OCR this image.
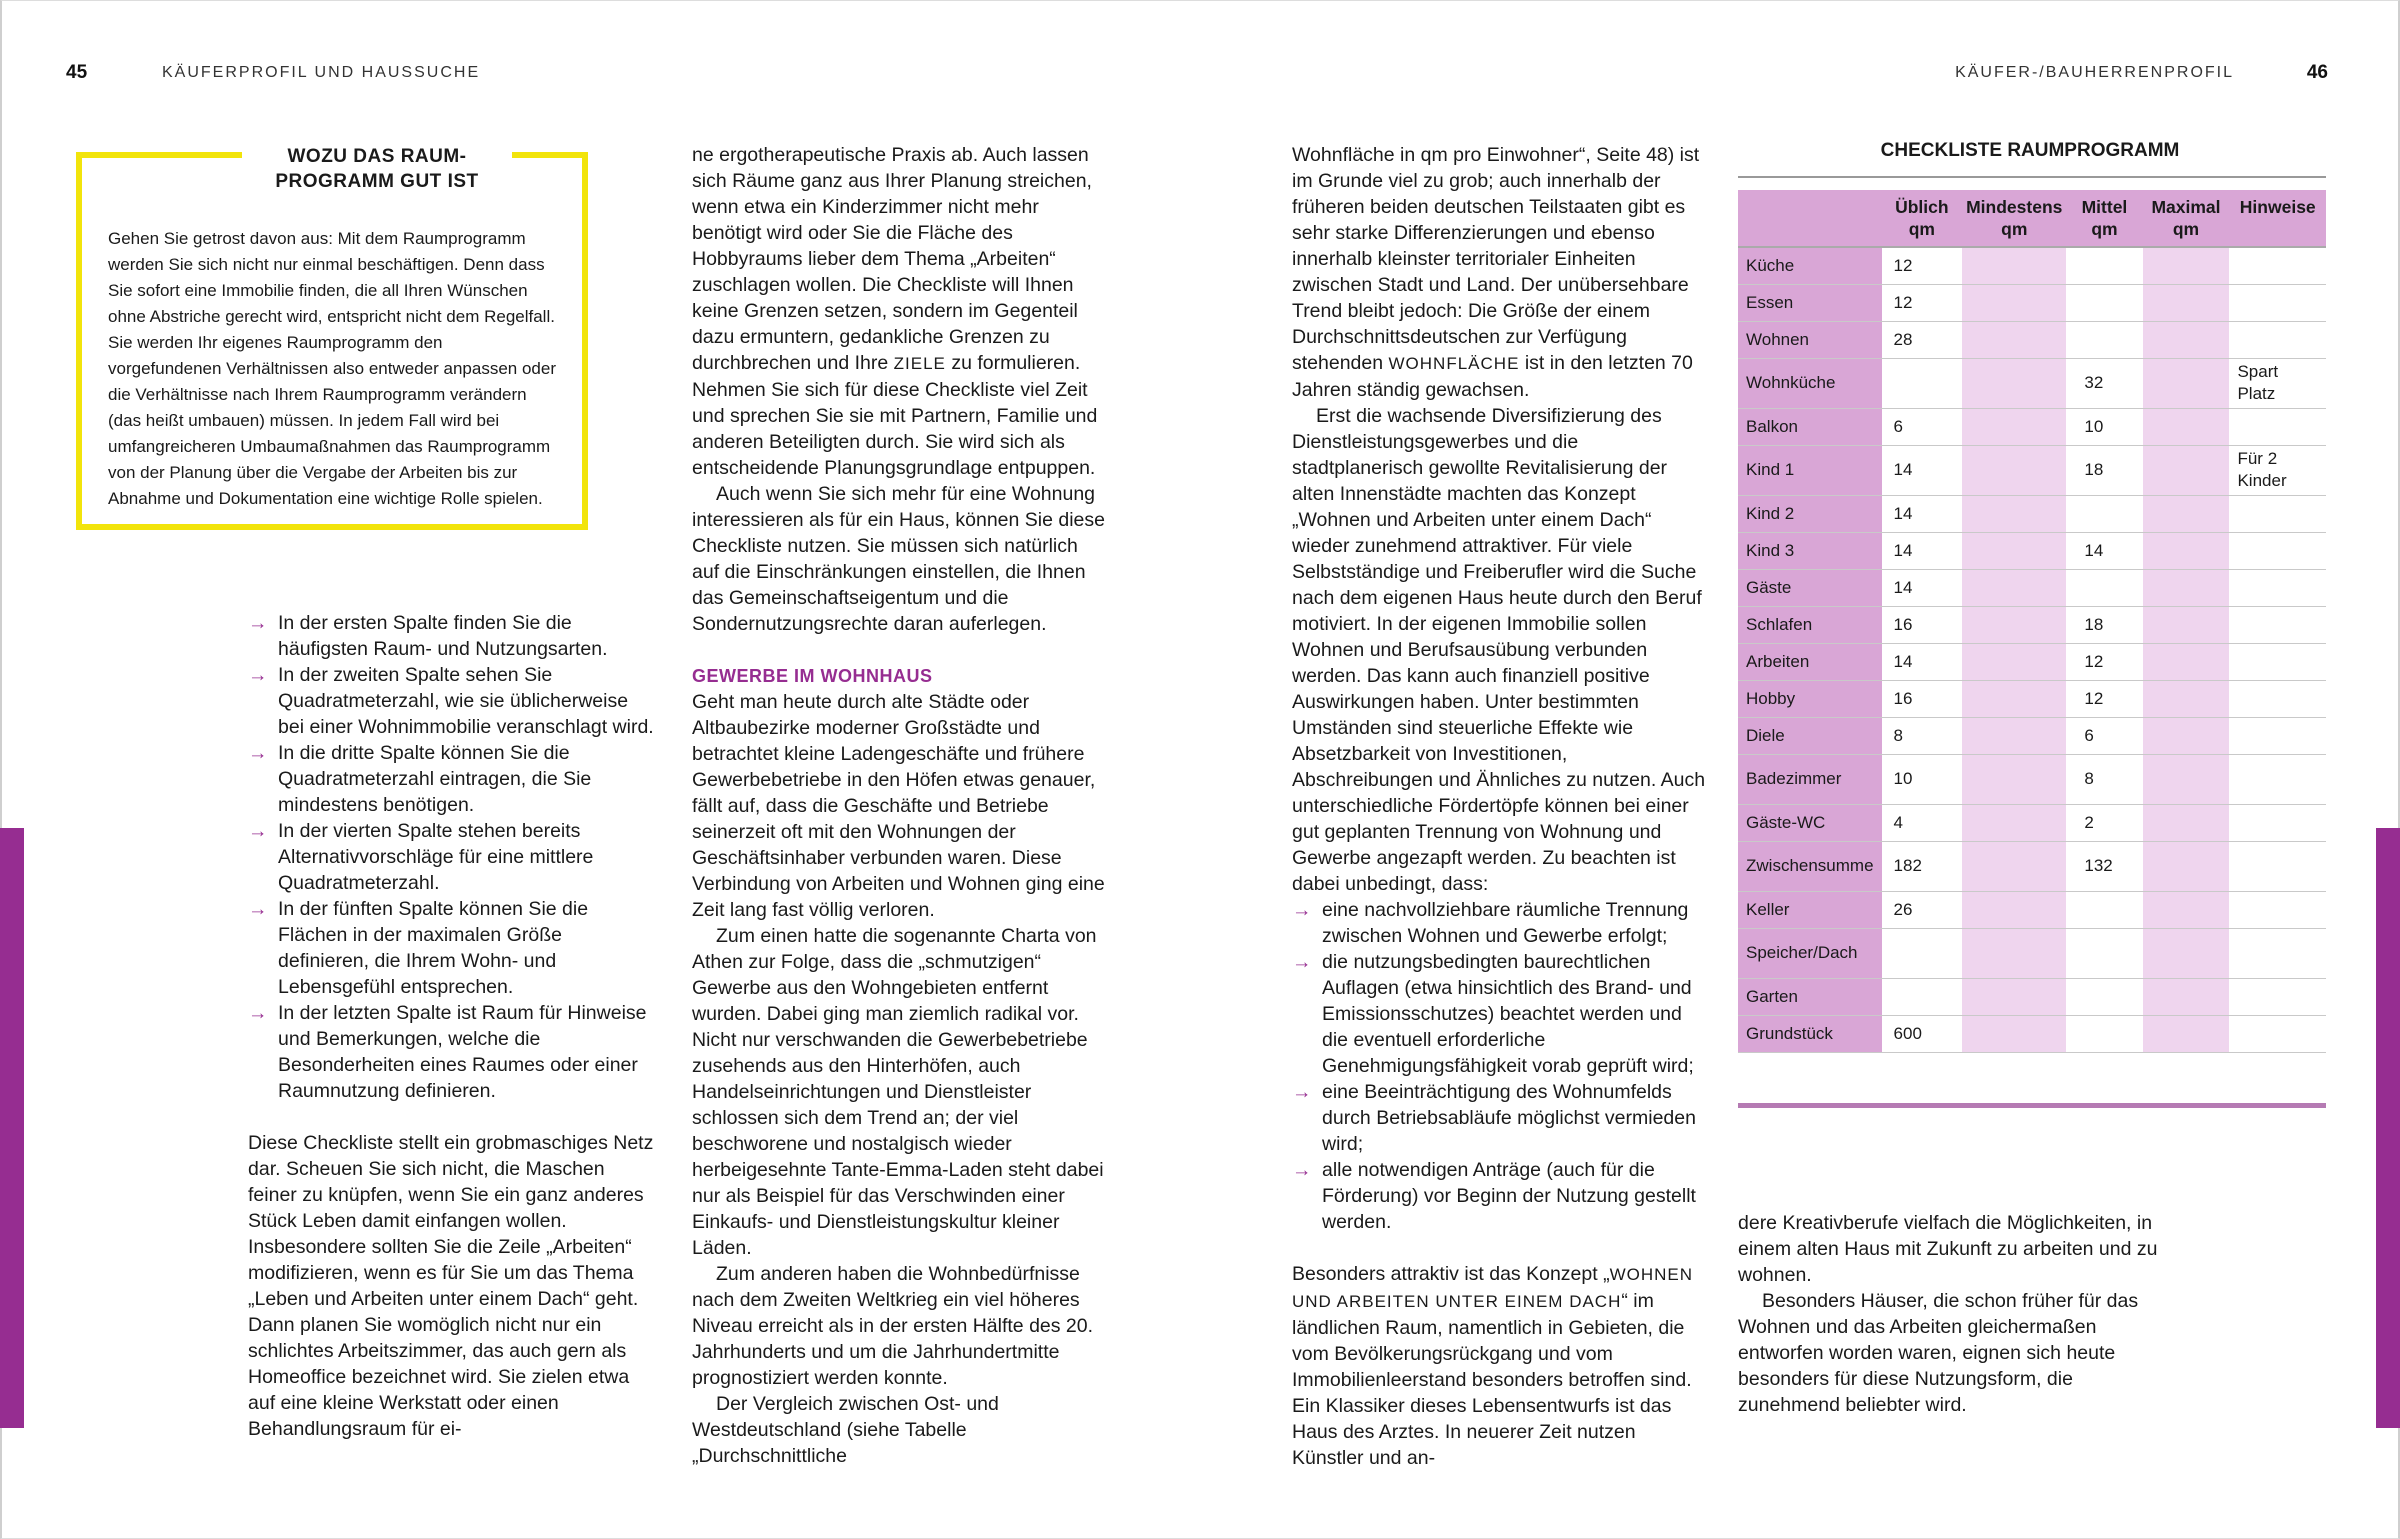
45	KÄUFERPROFIL UND HAUSSUCHE	KÄUFER-/BAUHERRENPROFIL	46
WOZU DAS RAUM- PROGRAMM GUT IST
Gehen Sie getrost davon aus: Mit dem Raumprogramm werden Sie sich nicht nur einmal beschäftigen. Denn dass Sie sofort eine Immobilie finden, die all Ihren Wünschen ohne Abstriche gerecht wird, entspricht nicht dem Regelfall. Sie werden Ihr eigenes Raumprogramm den vorgefundenen Verhältnissen also entweder anpassen oder die Verhältnisse nach Ihrem Raumprogramm verändern (das heißt umbauen) müssen. In jedem Fall wird bei umfangreicheren Umbaumaßnahmen das Raumprogramm von der Planung über die Vergabe der Arbeiten bis zur Abnahme und Dokumentation eine wichtige Rolle spielen.
→ In der ersten Spalte finden Sie die häufigsten Raum- und Nutzungsarten.
→ In der zweiten Spalte sehen Sie Quadratmeterzahl, wie sie üblicherweise bei einer Wohnimmobilie veranschlagt wird.
→ In die dritte Spalte können Sie die Quadratmeterzahl eintragen, die Sie mindestens benötigen.
→ In der vierten Spalte stehen bereits Alternativvorschläge für eine mittlere Quadratmeterzahl.
→ In der fünften Spalte können Sie die Flächen in der maximalen Größe definieren, die Ihrem Wohn- und Lebensgefühl entsprechen.
→ In der letzten Spalte ist Raum für Hinweise und Bemerkungen, welche die Besonderheiten eines Raumes oder einer Raumnutzung definieren.

Diese Checkliste stellt ein grobmaschiges Netz dar. Scheuen Sie sich nicht, die Maschen feiner zu knüpfen, wenn Sie ein ganz anderes Stück Leben damit einfangen wollen. Insbesondere sollten Sie die Zeile „Arbeiten“ modifizieren, wenn es für Sie um das Thema „Leben und Arbeiten unter einem Dach“ geht. Dann planen Sie womöglich nicht nur ein schlichtes Arbeitszimmer, das auch gern als Homeoffice bezeichnet wird. Sie zielen etwa auf eine kleine Werkstatt oder einen Behandlungsraum für ei-

ne ergotherapeutische Praxis ab. Auch lassen sich Räume ganz aus Ihrer Planung streichen, wenn etwa ein Kinderzimmer nicht mehr benötigt wird oder Sie die Fläche des Hobbyraums lieber dem Thema „Arbeiten“ zuschlagen wollen. Die Checkliste will Ihnen keine Grenzen setzen, sondern im Gegenteil dazu ermuntern, gedankliche Grenzen zu durchbrechen und Ihre ZIELE zu formulieren. Nehmen Sie sich für diese Checkliste viel Zeit und sprechen Sie sie mit Partnern, Familie und anderen Beteiligten durch. Sie wird sich als entscheidende Planungsgrundlage entpuppen.

Auch wenn Sie sich mehr für eine Wohnung interessieren als für ein Haus, können Sie diese Checkliste nutzen. Sie müssen sich natürlich auf die Einschränkungen einstellen, die Ihnen das Gemeinschaftseigentum und die Sondernutzungsrechte daran auferlegen.

GEWERBE IM WOHNHAUS

Geht man heute durch alte Städte oder Altbaubezirke moderner Großstädte und betrachtet kleine Ladengeschäfte und frühere Gewerbebetriebe in den Höfen etwas genauer, fällt auf, dass die Geschäfte und Betriebe seinerzeit oft mit den Wohnungen der Geschäftsinhaber verbunden waren. Diese Verbindung von Arbeiten und Wohnen ging eine Zeit lang fast völlig verloren.

Zum einen hatte die sogenannte Charta von Athen zur Folge, dass die „schmutzigen“ Gewerbe aus den Wohngebieten entfernt wurden. Dabei ging man ziemlich radikal vor. Nicht nur verschwanden die Gewerbebetriebe zusehends aus den Hinterhöfen, auch Handelseinrichtungen und Dienstleister schlossen sich dem Trend an; der viel beschworene und nostalgisch wieder herbeigesehnte Tante-Emma-Laden steht dabei nur als Beispiel für das Verschwinden einer Einkaufs- und Dienstleistungskultur kleiner Läden.

Zum anderen haben die Wohnbedürfnisse nach dem Zweiten Weltkrieg ein viel höheres Niveau erreicht als in der ersten Hälfte des 20. Jahrhunderts und um die Jahrhundertmitte prognostiziert werden konnte.

Der Vergleich zwischen Ost- und Westdeutschland (siehe Tabelle „Durchschnittliche

Wohnfläche in qm pro Einwohner“, Seite 48) ist im Grunde viel zu grob; auch innerhalb der früheren beiden deutschen Teilstaaten gibt es sehr starke Differenzierungen und ebenso innerhalb kleinster territorialer Einheiten zwischen Stadt und Land. Der unübersehbare Trend bleibt jedoch: Die Größe der einem Durchschnittsdeutschen zur Verfügung stehenden WOHNFLÄCHE ist in den letzten 70 Jahren ständig gewachsen.

Erst die wachsende Diversifizierung des Dienstleistungsgewerbes und die stadtplanerisch gewollte Revitalisierung der alten Innenstädte machten das Konzept „Wohnen und Arbeiten unter einem Dach“ wieder zunehmend attraktiver. Für viele Selbstständige und Freiberufler wird die Suche nach dem eigenen Haus heute durch den Beruf motiviert. In der eigenen Immobilie sollen Wohnen und Berufsausübung verbunden werden. Das kann auch finanziell positive Auswirkungen haben. Unter bestimmten Umständen sind steuerliche Effekte wie Absetzbarkeit von Investitionen, Abschreibungen und Ähnliches zu nutzen. Auch unterschiedliche Fördertöpfe können bei einer gut geplanten Trennung von Wohnung und Gewerbe angezapft werden. Zu beachten ist dabei unbedingt, dass:

→ eine nachvollziehbare räumliche Trennung zwischen Wohnen und Gewerbe erfolgt;
→ die nutzungsbedingten baurechtlichen Auflagen (etwa hinsichtlich des Brand- und Emissionsschutzes) beachtet werden und die eventuell erforderliche Genehmigungsfähigkeit vorab geprüft wird;
→ eine Beeinträchtigung des Wohnumfelds durch Betriebsabläufe möglichst vermieden wird;
→ alle notwendigen Anträge (auch für die Förderung) vor Beginn der Nutzung gestellt werden.

Besonders attraktiv ist das Konzept „WOHNEN UND ARBEITEN UNTER EINEM DACH“ im ländlichen Raum, namentlich in Gebieten, die vom Bevölkerungsrückgang und vom Immobilienleerstand besonders betroffen sind. Ein Klassiker dieses Lebensentwurfs ist das Haus des Arztes. In neuerer Zeit nutzen Künstler und an-

dere Kreativberufe vielfach die Möglichkeiten, in einem alten Haus mit Zukunft zu arbeiten und zu wohnen.

Besonders Häuser, die schon früher für das Wohnen und das Arbeiten gleichermaßen entworfen worden waren, eignen sich heute besonders für diese Nutzungsform, die zunehmend beliebter wird.

CHECKLISTE RAUMPROGRAMM
	Üblich qm	Mindestens qm	Mittel qm	Maximal qm	Hinweise
Küche	12				
Essen	12				
Wohnen	28				
Wohnküche			32		Spart Platz
Balkon	6		10		
Kind 1	14		18		Für 2 Kinder
Kind 2	14				
Kind 3	14		14		
Gäste	14				
Schlafen	16		18		
Arbeiten	14		12		
Hobby	16		12		
Diele	8		6		
Badezimmer	10		8		
Gäste-WC	4		2		
Zwischensumme	182		132		
Keller	26				
Speicher/Dach					
Garten					
Grundstück	600				
